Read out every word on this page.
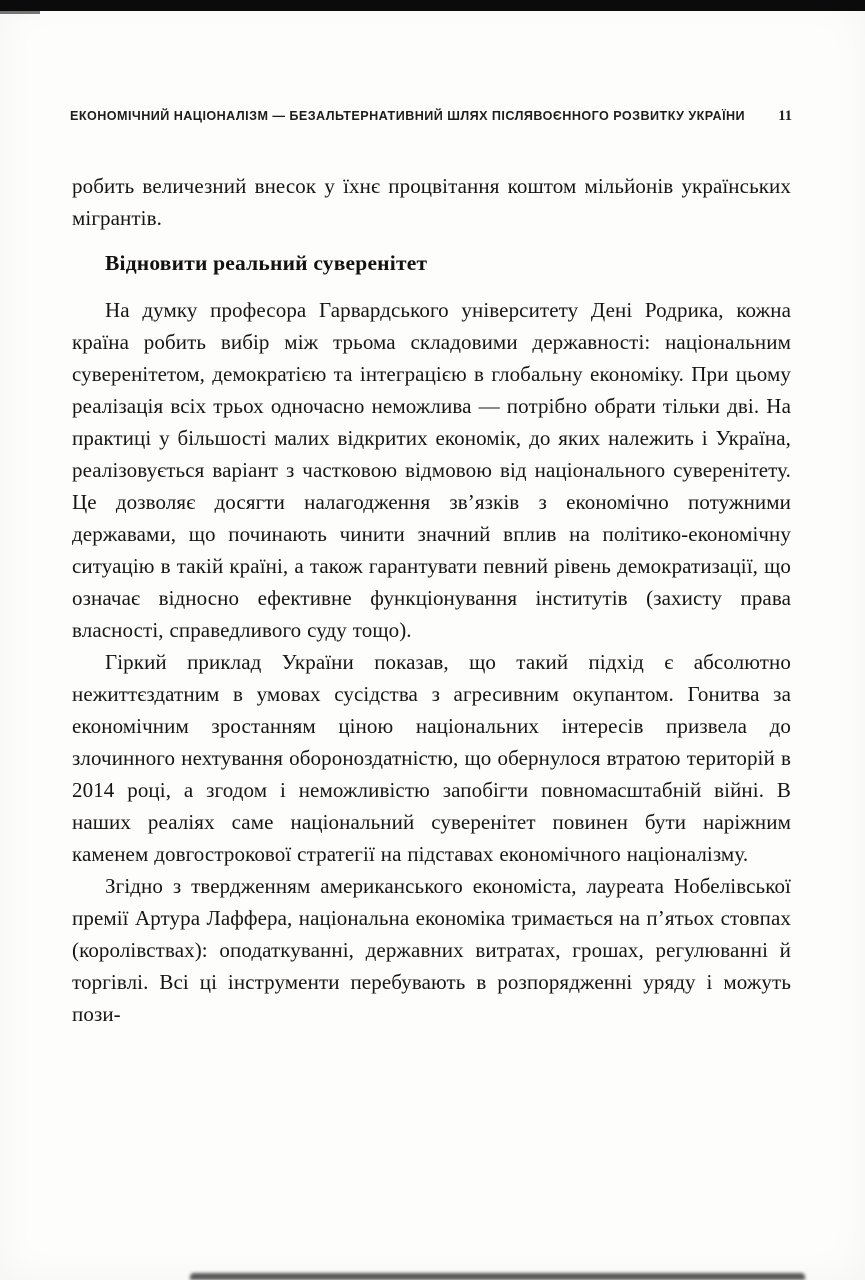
ЕКОНОМІЧНИЙ НАЦІОНАЛІЗМ — БЕЗАЛЬТЕРНАТИВНИЙ ШЛЯХ ПІСЛЯВОЄННОГО РОЗВИТКУ УКРАЇНИ 11

робить величезний внесок у їхнє процвітання коштом мільйонів українських мігрантів.

Відновити реальний суверенітет

На думку професора Гарвардського університету Дені Родрика, кожна країна робить вибір між трьома складовими державності: національним суверенітетом, демократією та інтеграцією в глобальну економіку. При цьому реалізація всіх трьох одночасно неможлива — потрібно обрати тільки дві. На практиці у більшості малих відкритих економік, до яких належить і Україна, реалізовується варіант з частковою відмовою від національного суверенітету. Це дозволяє досягти налагодження зв’язків з економічно потужними державами, що починають чинити значний вплив на політико-економічну ситуацію в такій країні, а також гарантувати певний рівень демократизації, що означає відносно ефективне функціонування інститутів (захисту права власності, справедливого суду тощо).

Гіркий приклад України показав, що такий підхід є абсолютно нежиттєздатним в умовах сусідства з агресивним окупантом. Гонитва за економічним зростанням ціною національних інтересів призвела до злочинного нехтування обороноздатністю, що обернулося втратою територій в 2014 році, а згодом і неможливістю запобігти повномасштабній війні. В наших реаліях саме національний суверенітет повинен бути наріжним каменем довгострокової стратегії на підставах економічного націоналізму.

Згідно з твердженням американського економіста, лауреата Нобелівської премії Артура Лаффера, національна економіка тримається на п’ятьох стовпах (королівствах): оподаткуванні, державних витратах, грошах, регулюванні й торгівлі. Всі ці інструменти перебувають в розпорядженні уряду і можуть пози-
